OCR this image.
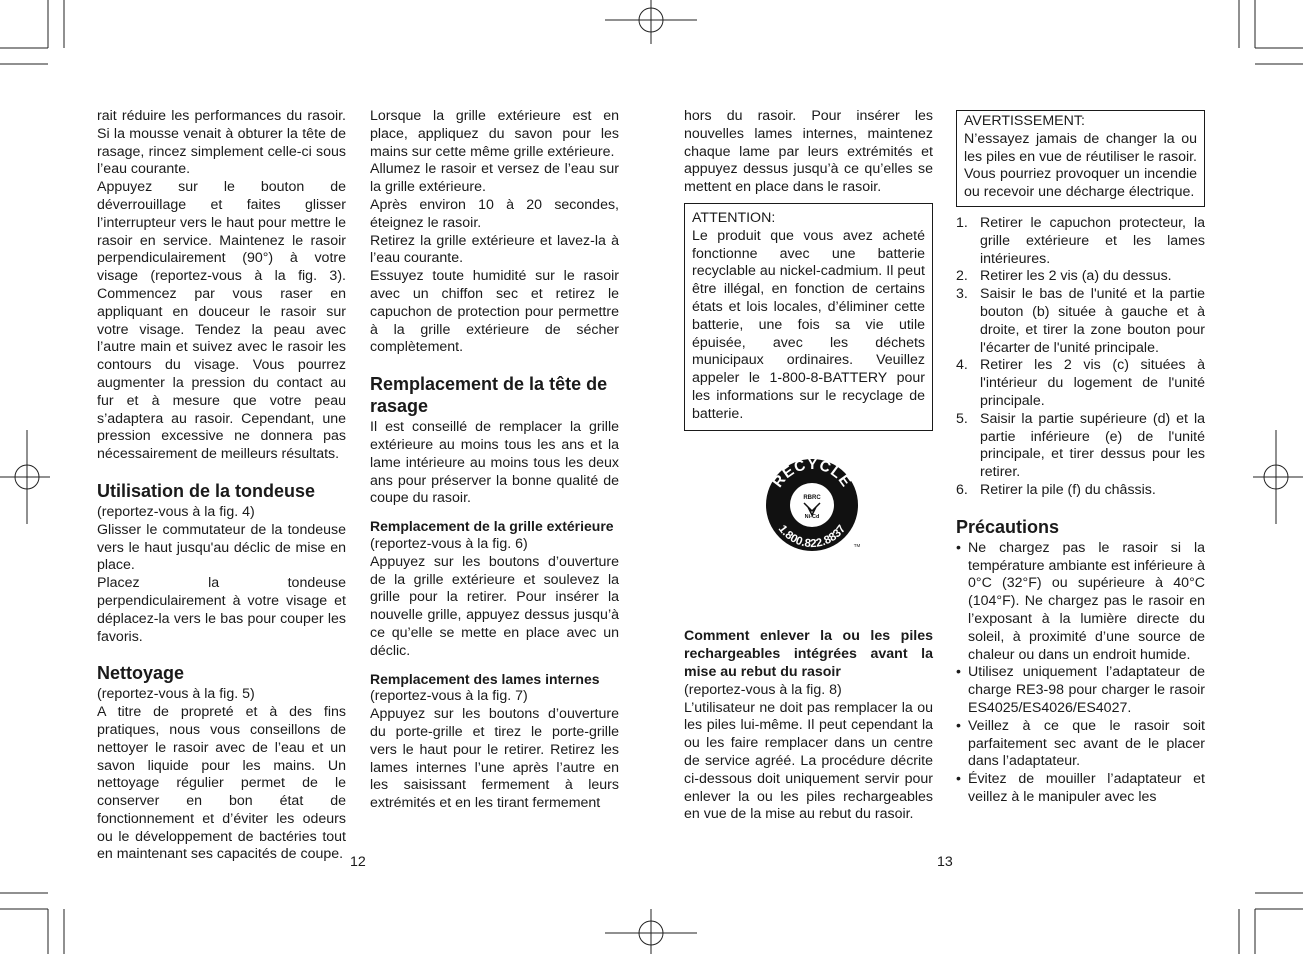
rait réduire les performances du rasoir. Si la mousse venait à obturer la tête de rasage, rincez simplement celle-ci sous l’eau courante.

Appuyez sur le bouton de déverrouillage et faites glisser l’interrupteur vers le haut pour mettre le rasoir en service. Maintenez le rasoir perpendiculairement (90°) à votre visage (reportez-vous à la fig. 3). Commencez par vous raser en appliquant en douceur le rasoir sur votre visage. Tendez la peau avec l’autre main et suivez avec le rasoir les contours du visage. Vous pourrez augmenter la pression du contact au fur et à mesure que votre peau s’adaptera au rasoir. Cependant, une pression excessive ne donnera pas nécessairement de meilleurs résultats.

Utilisation de la tondeuse

(reportez-vous à la fig. 4)

Glisser le commutateur de la tondeuse vers le haut jusqu'au déclic de mise en place.

Placez la tondeuse perpendiculairement à votre visage et déplacez-la vers le bas pour couper les favoris.

Nettoyage

(reportez-vous à la fig. 5)

A titre de propreté et à des fins pratiques, nous vous conseillons de nettoyer le rasoir avec de l’eau et un savon liquide pour les mains. Un nettoyage régulier permet de le conserver en bon état de fonctionnement et d’éviter les odeurs ou le développement de bactéries tout en maintenant ses capacités de coupe.

Lorsque la grille extérieure est en place, appliquez du savon pour les mains sur cette même grille extérieure.

Allumez le rasoir et versez de l’eau sur la grille extérieure.

Après environ 10 à 20 secondes, éteignez le rasoir.

Retirez la grille extérieure et lavez-la à l’eau courante.

Essuyez toute humidité sur le rasoir avec un chiffon sec et retirez le capuchon de protection pour permettre à la grille extérieure de sécher complètement.

Remplacement de la tête de rasage

Il est conseillé de remplacer la grille extérieure au moins tous les ans et la lame intérieure au moins tous les deux ans pour préserver la bonne qualité de coupe du rasoir.

Remplacement de la grille extérieure

(reportez-vous à la fig. 6)

Appuyez sur les boutons d’ouverture de la grille extérieure et soulevez la grille pour la retirer. Pour insérer la nouvelle grille, appuyez dessus jusqu’à ce qu’elle se mette en place avec un déclic.

Remplacement des lames internes

(reportez-vous à la fig. 7)

Appuyez sur les boutons d’ouverture du porte-grille et tirez le porte-grille vers le haut pour le retirer. Retirez les lames internes l’une après l’autre en les saisissant fermement à leurs extrémités et en les tirant fermement

hors du rasoir. Pour insérer les nouvelles lames internes, maintenez chaque lame par leurs extrémités et appuyez dessus jusqu’à ce qu’elles se mettent en place dans le rasoir.

ATTENTION:

Le produit que vous avez acheté fonctionne avec une batterie recyclable au nickel-cadmium. Il peut être illégal, en fonction de certains états et lois locales, d’éliminer cette batterie, une fois sa vie utile épuisée, avec les déchets municipaux ordinaires. Veuillez appeler le 1-800-8-BATTERY pour les informations sur le recyclage de batterie.

RECYCLE
1.800.822.8837
RBRC
Ni-Cd
TM

Comment enlever la ou les piles rechargeables intégrées avant la mise au rebut du rasoir

(reportez-vous à la fig. 8)

L’utilisateur ne doit pas remplacer la ou les piles lui-même. Il peut cependant la ou les faire remplacer dans un centre de service agréé. La procédure décrite ci-dessous doit uniquement servir pour enlever la ou les piles rechargeables en vue de la mise au rebut du rasoir.

AVERTISSEMENT:

N’essayez jamais de changer la ou les piles en vue de réutiliser le rasoir. Vous pourriez provoquer un incendie ou recevoir une décharge électrique.

1. Retirer le capuchon protecteur, la grille extérieure et les lames intérieures.
2. Retirer les 2 vis (a) du dessus.
3. Saisir le bas de l'unité et la partie bouton (b) située à gauche et à droite, et tirer la zone bouton pour l'écarter de l'unité principale.
4. Retirer les 2 vis (c) situées à l'intérieur du logement de l'unité principale.
5. Saisir la partie supérieure (d) et la partie inférieure (e) de l'unité principale, et tirer dessus pour les retirer.
6. Retirer la pile (f) du châssis.
Précautions
• Ne chargez pas le rasoir si la température ambiante est inférieure à 0°C (32°F) ou supérieure à 40°C (104°F). Ne chargez pas le rasoir en l’exposant à la lumière directe du soleil, à proximité d’une source de chaleur ou dans un endroit humide.
• Utilisez uniquement l’adaptateur de charge RE3-98 pour charger le rasoir ES4025/ES4026/ES4027.
• Veillez à ce que le rasoir soit parfaitement sec avant de le placer dans l’adaptateur.
• Évitez de mouiller l’adaptateur et veillez à le manipuler avec les
12	13
